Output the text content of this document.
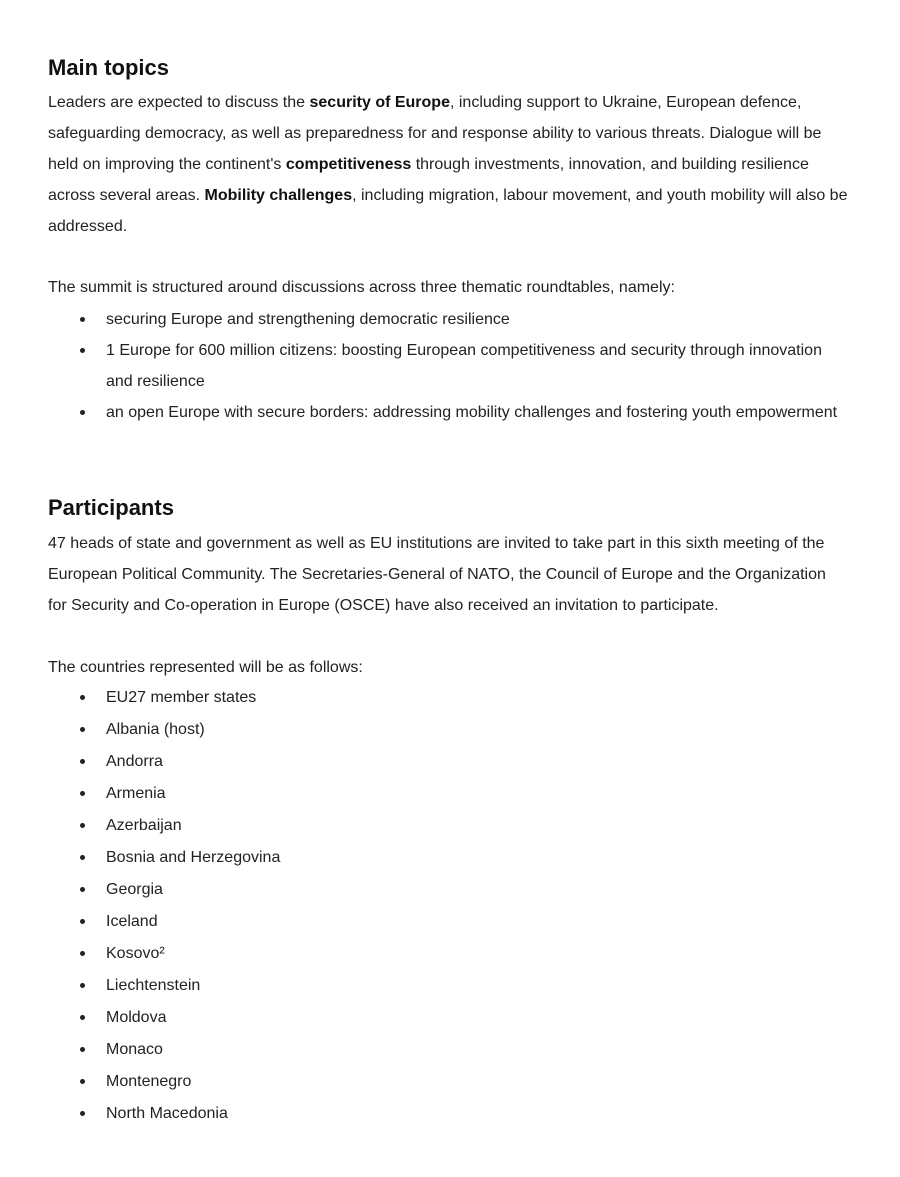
Main topics

Leaders are expected to discuss the security of Europe, including support to Ukraine, European defence, safeguarding democracy, as well as preparedness for and response ability to various threats. Dialogue will be held on improving the continent's competitiveness through investments, innovation, and building resilience across several areas. Mobility challenges, including migration, labour movement, and youth mobility will also be addressed.

The summit is structured around discussions across three thematic roundtables, namely:

securing Europe and strengthening democratic resilience
1 Europe for 600 million citizens: boosting European competitiveness and security through innovation and resilience
an open Europe with secure borders: addressing mobility challenges and fostering youth empowerment
Participants

47 heads of state and government as well as EU institutions are invited to take part in this sixth meeting of the European Political Community. The Secretaries-General of NATO, the Council of Europe and the Organization for Security and Co-operation in Europe (OSCE) have also received an invitation to participate.

The countries represented will be as follows:

EU27 member states
Albania (host)
Andorra
Armenia
Azerbaijan
Bosnia and Herzegovina
Georgia
Iceland
Kosovo²
Liechtenstein
Moldova
Monaco
Montenegro
North Macedonia
